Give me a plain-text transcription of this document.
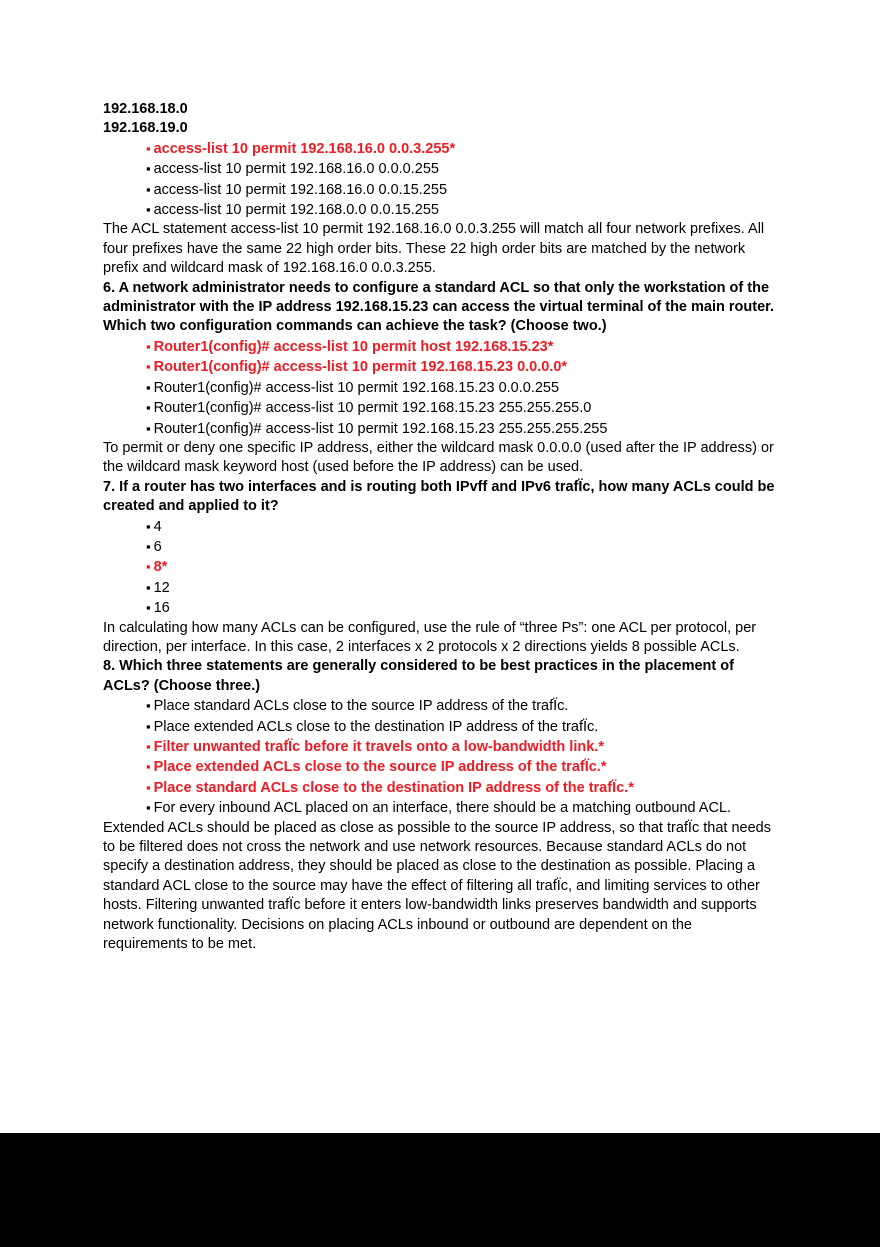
192.168.18.0
192.168.19.0
▪ access-list 10 permit 192.168.16.0 0.0.3.255*
▪ access-list 10 permit 192.168.16.0 0.0.0.255
▪ access-list 10 permit 192.168.16.0 0.0.15.255
▪ access-list 10 permit 192.168.0.0 0.0.15.255
The ACL statement access-list 10 permit 192.168.16.0 0.0.3.255 will match all four network prefixes. All four prefixes have the same 22 high order bits. These 22 high order bits are matched by the network prefix and wildcard mask of 192.168.16.0 0.0.3.255.
6. A network administrator needs to configure a standard ACL so that only the workstation of the administrator with the IP address 192.168.15.23 can access the virtual terminal of the main router. Which two configuration commands can achieve the task? (Choose two.)
▪ Router1(config)# access-list 10 permit host 192.168.15.23*
▪ Router1(config)# access-list 10 permit 192.168.15.23 0.0.0.0*
▪ Router1(config)# access-list 10 permit 192.168.15.23 0.0.0.255
▪ Router1(config)# access-list 10 permit 192.168.15.23 255.255.255.0
▪ Router1(config)# access-list 10 permit 192.168.15.23 255.255.255.255
To permit or deny one specific IP address, either the wildcard mask 0.0.0.0 (used after the IP address) or the wildcard mask keyword host (used before the IP address) can be used.
7. If a router has two interfaces and is routing both IPvff and IPv6 trafÏc, how many ACLs could be created and applied to it?
▪ 4
▪ 6
▪ 8*
▪ 12
▪ 16
In calculating how many ACLs can be configured, use the rule of “three Ps”: one ACL per protocol, per direction, per interface. In this case, 2 interfaces x 2 protocols x 2 directions yields 8 possible ACLs.
8. Which three statements are generally considered to be best practices in the placement of ACLs? (Choose three.)
▪ Place standard ACLs close to the source IP address of the trafÏc.
▪ Place extended ACLs close to the destination IP address of the trafÏc.
▪ Filter unwanted trafÏc before it travels onto a low-bandwidth link.*
▪ Place extended ACLs close to the source IP address of the trafÏc.*
▪ Place standard ACLs close to the destination IP address of the trafÏc.*
▪ For every inbound ACL placed on an interface, there should be a matching outbound ACL.
Extended ACLs should be placed as close as possible to the source IP address, so that trafÏc that needs to be filtered does not cross the network and use network resources. Because standard ACLs do not specify a destination address, they should be placed as close to the destination as possible. Placing a standard ACL close to the source may have the effect of filtering all trafÏc, and limiting services to other hosts. Filtering unwanted trafÏc before it enters low-bandwidth links preserves bandwidth and supports network functionality. Decisions on placing ACLs inbound or outbound are dependent on the requirements to be met.
